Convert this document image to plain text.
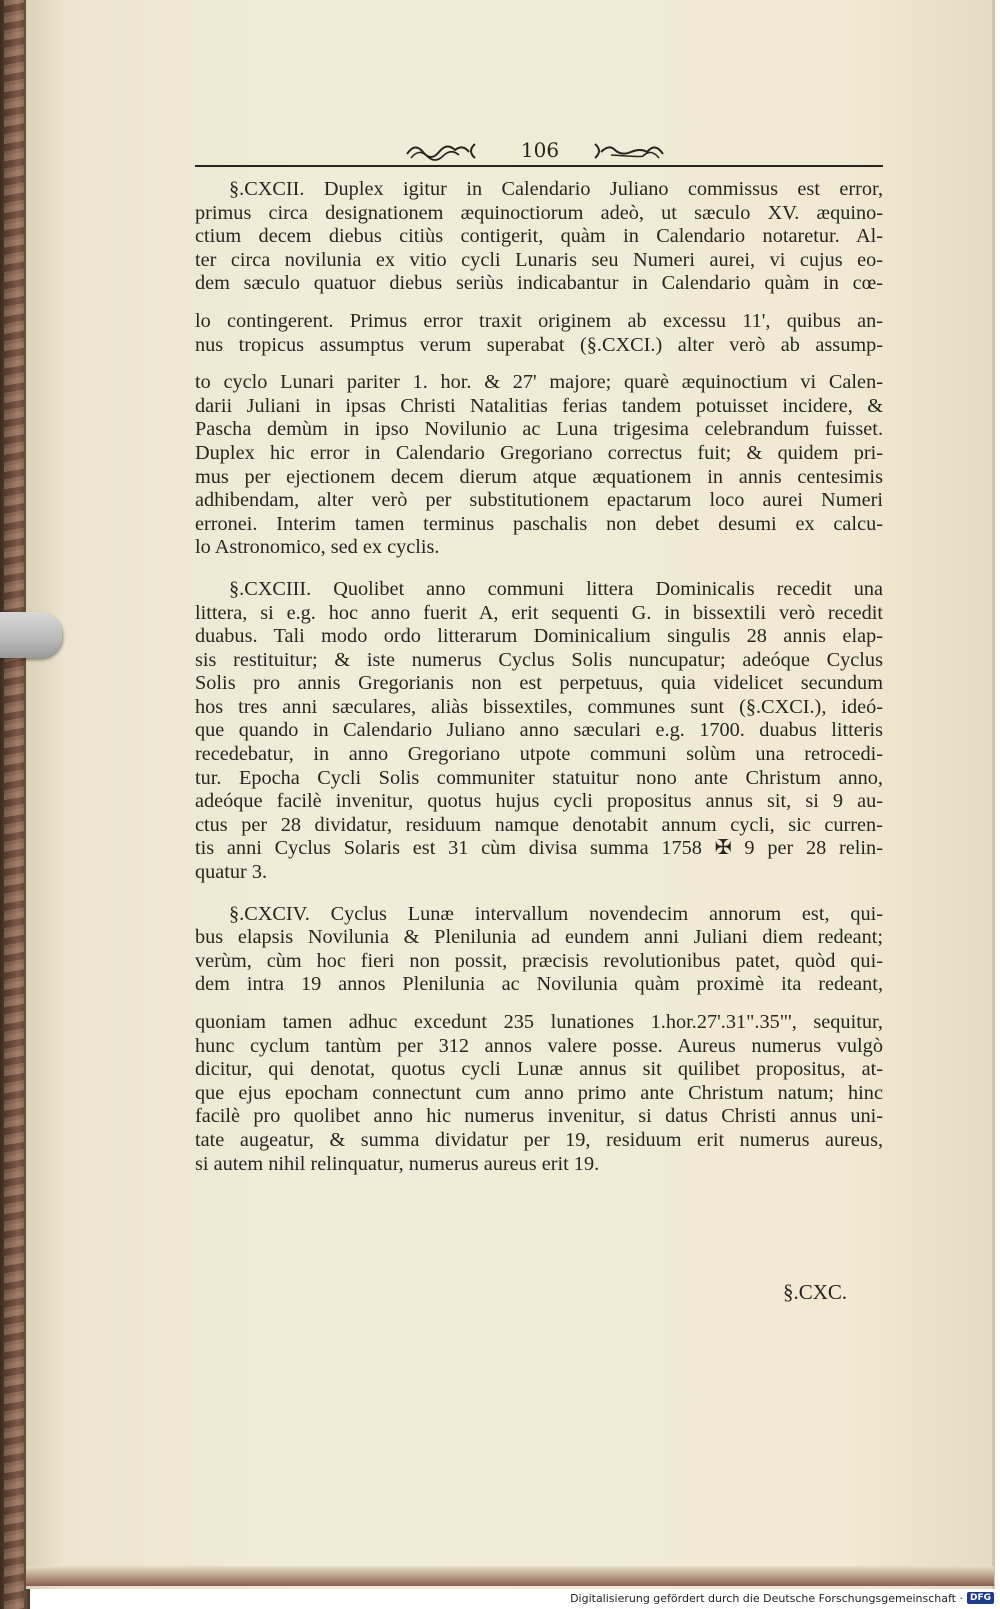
106
§.CXCII. Duplex igitur in Calendario Juliano commissus est error,
primus circa designationem æquinoctiorum adeò, ut sæculo XV. æquino-
ctium decem diebus citiùs contigerit, quàm in Calendario notaretur. Al-
ter circa novilunia ex vitio cycli Lunaris seu Numeri aurei, vi cujus eo-
dem sæculo quatuor diebus seriùs indicabantur in Calendario quàm in cœ-
lo contingerent. Primus error traxit originem ab excessu 11', quibus an-
nus tropicus assumptus verum superabat (§.CXCI.) alter verò ab assump-
to cyclo Lunari pariter 1. hor. & 27' majore; quarè æquinoctium vi Calen-
darii Juliani in ipsas Christi Natalitias ferias tandem potuisset incidere, &
Pascha demùm in ipso Novilunio ac Luna trigesima celebrandum fuisset.
Duplex hic error in Calendario Gregoriano correctus fuit; & quidem pri-
mus per ejectionem decem dierum atque æquationem in annis centesimis
adhibendam, alter verò per substitutionem epactarum loco aurei Numeri
erronei. Interim tamen terminus paschalis non debet desumi ex calcu-
lo Astronomico, sed ex cyclis.
§.CXCIII. Quolibet anno communi littera Dominicalis recedit una
littera, si e.g. hoc anno fuerit A, erit sequenti G. in bissextili verò recedit
duabus. Tali modo ordo litterarum Dominicalium singulis 28 annis elap-
sis restituitur; & iste numerus Cyclus Solis nuncupatur; adeóque Cyclus
Solis pro annis Gregorianis non est perpetuus, quia videlicet secundum
hos tres anni sæculares, aliàs bissextiles, communes sunt (§.CXCI.), ideó-
que quando in Calendario Juliano anno sæculari e.g. 1700. duabus litteris
recedebatur, in anno Gregoriano utpote communi solùm una retrocedi-
tur. Epocha Cycli Solis communiter statuitur nono ante Christum anno,
adeóque facilè invenitur, quotus hujus cycli propositus annus sit, si 9 au-
ctus per 28 dividatur, residuum namque denotabit annum cycli, sic curren-
tis anni Cyclus Solaris est 31 cùm divisa summa 1758 ✠ 9 per 28 relin-
quatur 3.
§.CXCIV. Cyclus Lunæ intervallum novendecim annorum est, qui-
bus elapsis Novilunia & Plenilunia ad eundem anni Juliani diem redeant;
verùm, cùm hoc fieri non possit, præcisis revolutionibus patet, quòd qui-
dem intra 19 annos Plenilunia ac Novilunia quàm proximè ita redeant,
quoniam tamen adhuc excedunt 235 lunationes 1.hor.27'.31".35"', sequitur,
hunc cyclum tantùm per 312 annos valere posse. Aureus numerus vulgò
dicitur, qui denotat, quotus cycli Lunæ annus sit quilibet propositus, at-
que ejus epocham connectunt cum anno primo ante Christum natum; hinc
facilè pro quolibet anno hic numerus invenitur, si datus Christi annus uni-
tate augeatur, & summa dividatur per 19, residuum erit numerus aureus,
si autem nihil relinquatur, numerus aureus erit 19.
§.CXC.
Digitalisierung gefördert durch die Deutsche Forschungsgemeinschaft · DFG
